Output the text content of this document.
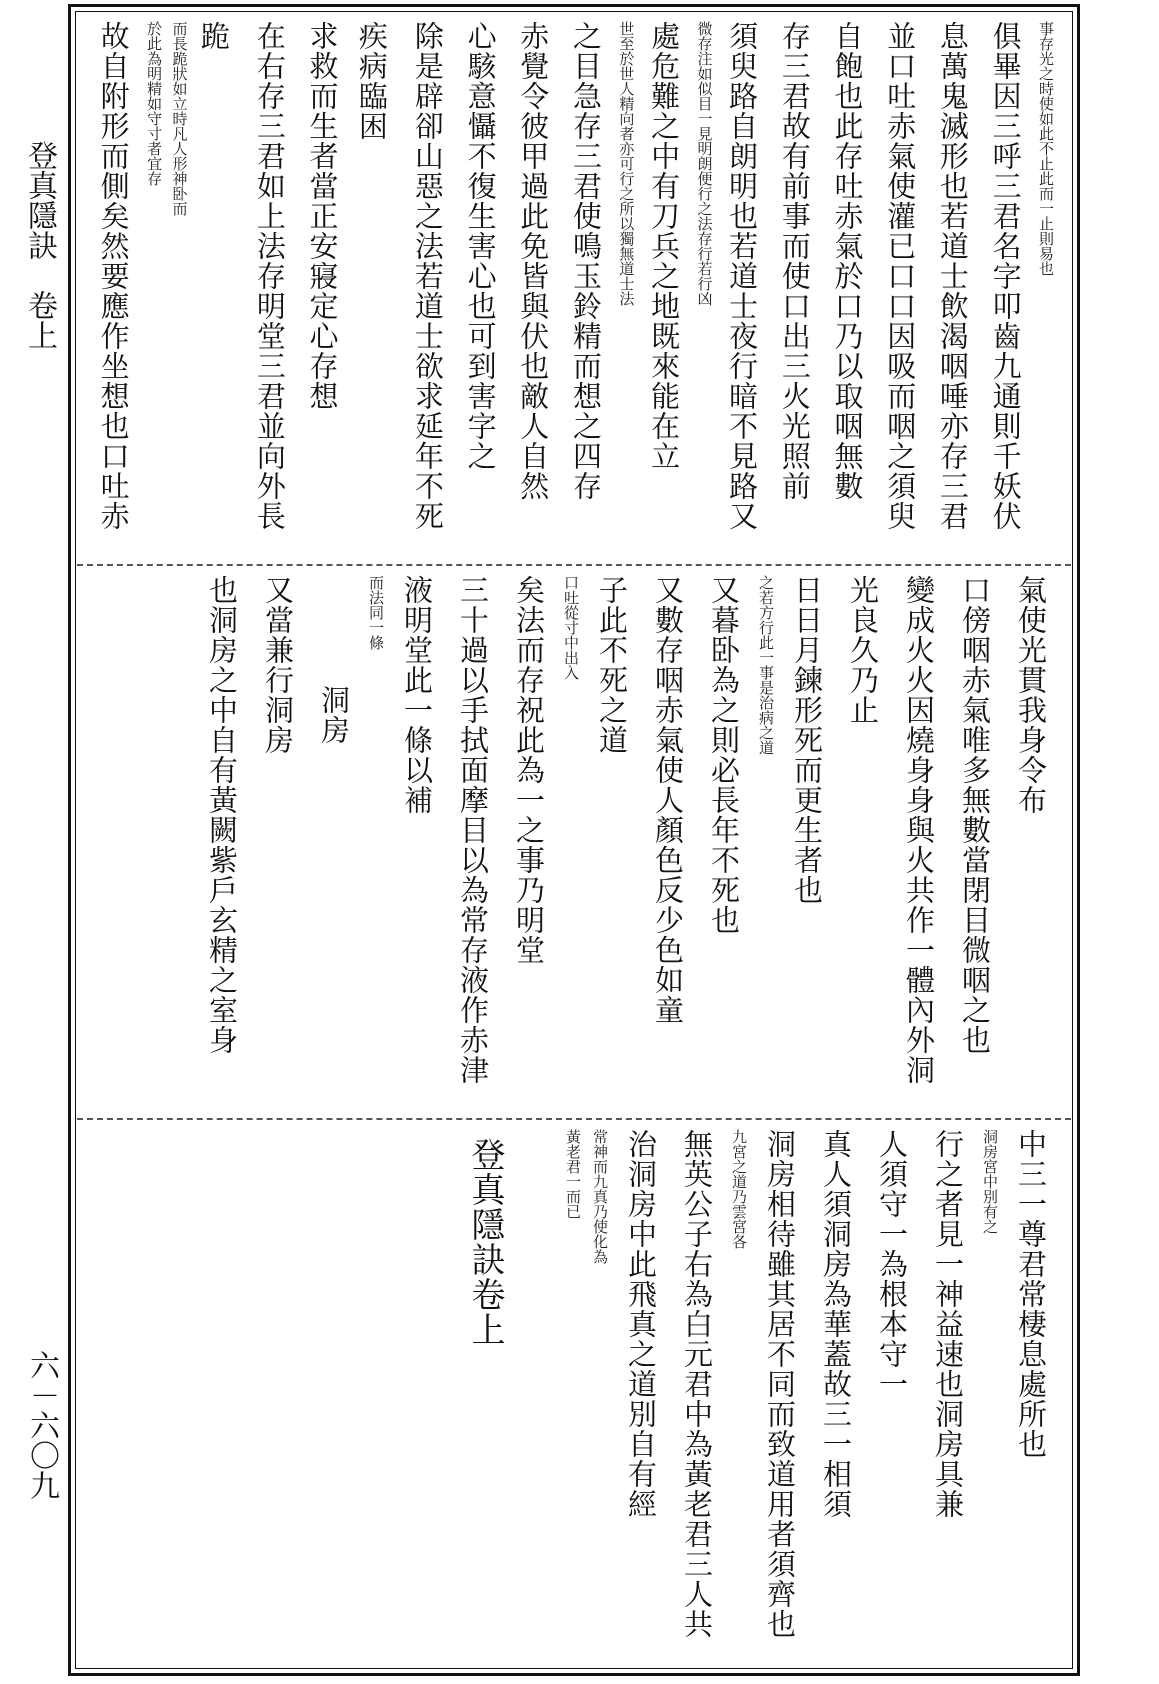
登真隱訣　卷上
六－六〇九
事存光之時使如此不止此而一止則易也
俱畢因三呼三君名字叩齒九通則千妖伏
息萬鬼滅形也若道士飲渴咽唾亦存三君
並口吐赤氣使灌已口口因吸而咽之須臾
自飽也此存吐赤氣於口乃以取咽無數
存三君故有前事而使口出三火光照前
須臾路自朗明也若道士夜行暗不見路又
微存注如似目一見明朗便行之法存行若行凶
處危難之中有刀兵之地既來能在立
世至於世人精向者亦可行之所以獨無道士法
之目急存三君使鳴玉鈴精而想之四存
赤覺令彼甲過此免皆與伏也敵人自然
心駭意懾不復生害心也可到害字之
除是辟卻山惡之法若道士欲求延年不死疾病臨困
求救而生者當正安寢定心存想
在右存三君如上法存明堂三君並向外長跪
而長跪狀如立時凡人形神卧而
於此為明精如守寸者宜存
故自附形而側矣然要應作坐想也口吐赤
氣使光貫我身令布
口傍咽赤氣唯多無數當閉目微咽之也
變成火火因燒身身與火共作一體內外洞
光良久乃止
日日月鍊形死而更生者也
之若方行此一事是治病之道
又暮卧為之則必長年不死也
又數存咽赤氣使人顏色反少色如童
子此不死之道
口吐從寸中出入
矣法而存祝此為一之事乃明堂
三十過以手拭面摩目以為常存液作赤津
液明堂此一條以補
而法同一條
洞房
又當兼行洞房
也洞房之中自有黃闕紫戶玄精之室身
中三一尊君常棲息處所也
洞房宮中別有之
行之者見一神益速也洞房具兼
人須守一為根本守一
真人須洞房為華蓋故三一相須
洞房相待雖其居不同而致道用者須齊也
九宮之道乃雲宮各
無英公子右為白元君中為黃老君三人共
治洞房中此飛真之道別自有經
常神而九真乃使化為
黃老君一而已
登真隱訣卷上
